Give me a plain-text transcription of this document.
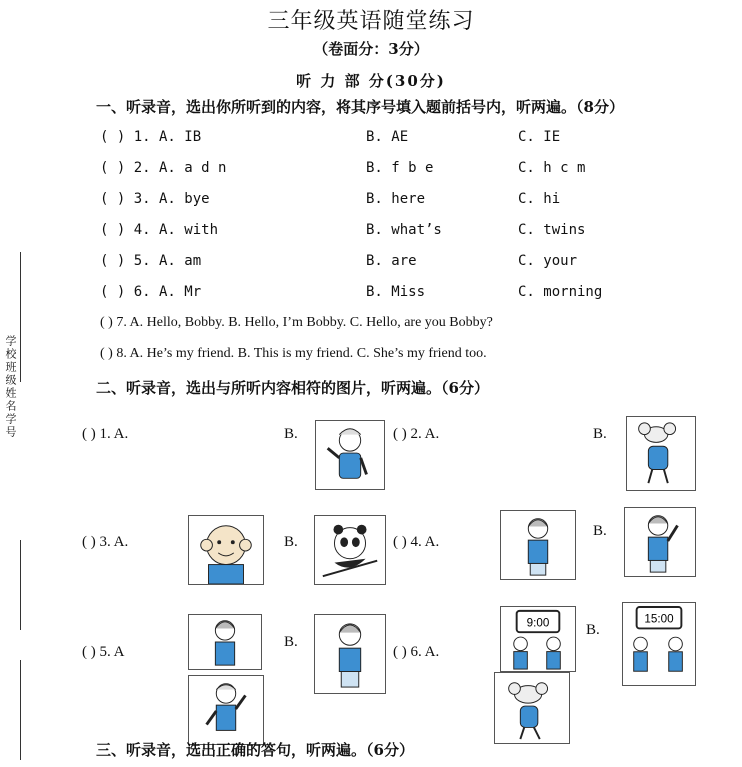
三年级英语随堂练习
（卷面分：3分）
听 力 部 分(30分)
学校班级姓名学号
一、听录音，选出你所听到的内容，将其序号填入题前括号内，听两遍。（8分）
( ) 1. A. IB	B. AE	C. IE
( ) 2. A. a d n	B. f b e	C. h c m
( ) 3. A. bye	B. here	C. hi
( ) 4. A. with	B. what’s	C. twins
( ) 5. A. am	B. are	C. your
( ) 6. A. Mr	B. Miss	C. morning
( ) 7. A. Hello, Bobby. B. Hello, I’m Bobby. C. Hello, are you Bobby?
( ) 8. A. He’s my friend. B. This is my friend. C. She’s my friend too.
二、听录音，选出与所听内容相符的图片，听两遍。（6分）
( ) 1. A.	B.	( ) 2. A.	B.
( ) 3. A.	B.	( ) 4. A.
B.
( ) 5. A
B.
( ) 6. A.
9:00 B.
15:00
三、听录音，选出正确的答句，听两遍。（6分）
